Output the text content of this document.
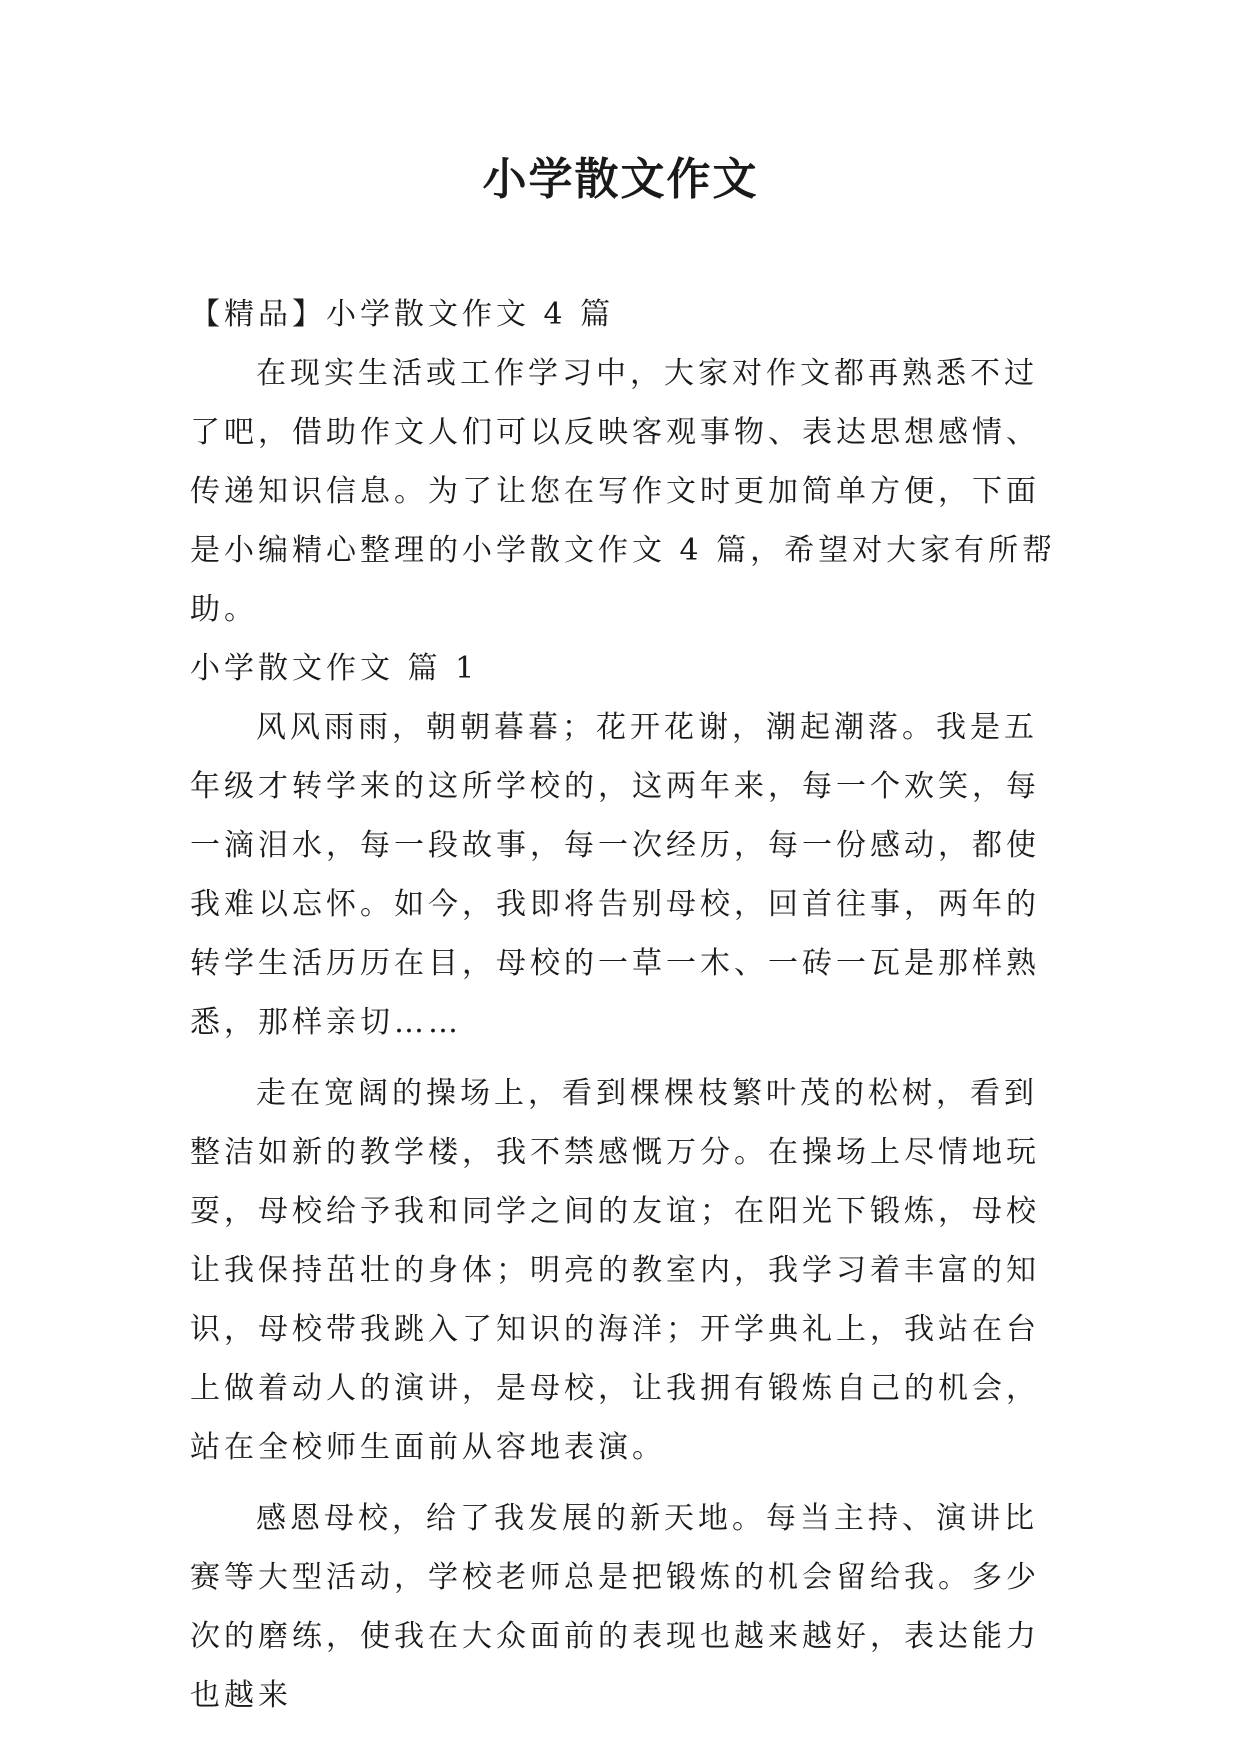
小学散文作文

【精品】小学散文作文 4 篇

在现实生活或工作学习中，大家对作文都再熟悉不过了吧，借助作文人们可以反映客观事物、表达思想感情、传递知识信息。为了让您在写作文时更加简单方便，下面是小编精心整理的小学散文作文 4 篇，希望对大家有所帮助。

小学散文作文 篇 1

风风雨雨，朝朝暮暮；花开花谢，潮起潮落。我是五年级才转学来的这所学校的，这两年来，每一个欢笑，每一滴泪水，每一段故事，每一次经历，每一份感动，都使我难以忘怀。如今，我即将告别母校，回首往事，两年的转学生活历历在目，母校的一草一木、一砖一瓦是那样熟悉，那样亲切……

走在宽阔的操场上，看到棵棵枝繁叶茂的松树，看到整洁如新的教学楼，我不禁感慨万分。在操场上尽情地玩耍，母校给予我和同学之间的友谊；在阳光下锻炼，母校让我保持茁壮的身体；明亮的教室内，我学习着丰富的知识，母校带我跳入了知识的海洋；开学典礼上，我站在台上做着动人的演讲，是母校，让我拥有锻炼自己的机会，站在全校师生面前从容地表演。

感恩母校，给了我发展的新天地。每当主持、演讲比赛等大型活动，学校老师总是把锻炼的机会留给我。多少次的磨练，使我在大众面前的表现也越来越好，表达能力也越来
